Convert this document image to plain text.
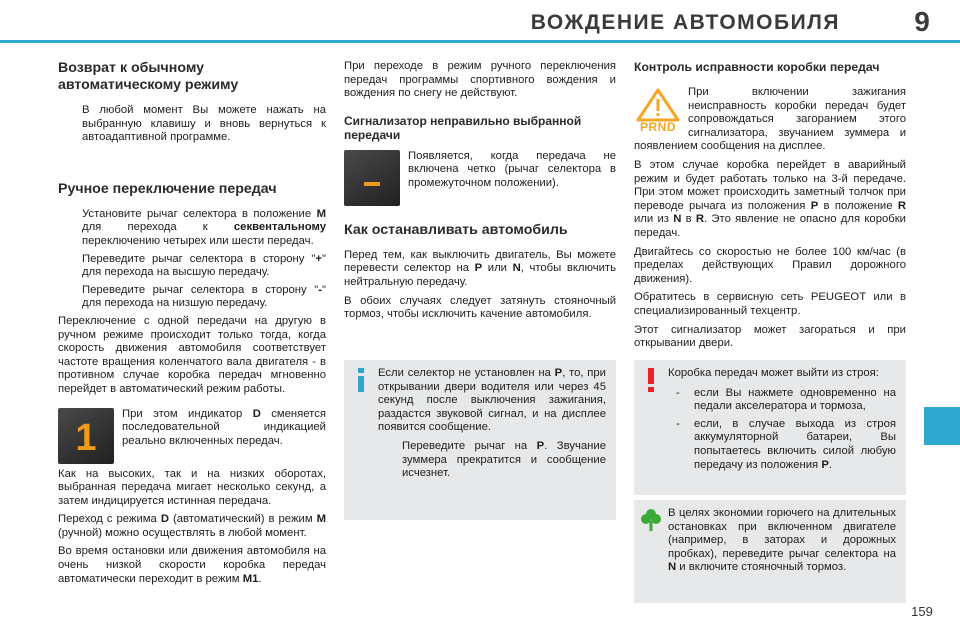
ВОЖДЕНИЕ АВТОМОБИЛЯ	9
159
Возврат к обычному автоматическому режиму
В любой момент Вы можете нажать на выбранную клавишу и вновь вернуться к автоадаптивной программе.
Ручное переключение передач
Установите рычаг селектора в положение M для перехода к секвентальному переключению четырех или шести передач.
Переведите рычаг селектора в сторону "+" для перехода на высшую передачу.
Переведите рычаг селектора в сторону "-" для перехода на низшую передачу.

Переключение с одной передачи на другую в ручном режиме происходит только тогда, когда скорость движения автомобиля соответствует частоте вращения коленчатого вала двигателя - в противном случае коробка передач мгновенно перейдет в автоматический режим работы.

1

При этом индикатор D сменяется последовательной индикацией реально включенных передач.

Как на высоких, так и на низких оборотах, выбранная передача мигает несколько секунд, а затем индицируется истинная передача.

Переход с режима D (автоматический) в режим M (ручной) можно осуществлять в любой момент.

Во время остановки или движения автомобиля на очень низкой скорости коробка передач автоматически переходит в режим M1.

При переходе в режим ручного переключения передач программы спортивного вождения и вождения по снегу не действуют.

Сигнализатор неправильно выбранной передачи

Появляется, когда передача не включена четко (рычаг селектора в промежуточном положении).

Как останавливать автомобиль

Перед тем, как выключить двигатель, Вы можете перевести селектор на P или N, чтобы включить нейтральную передачу.

В обоих случаях следует затянуть стояночный тормоз, чтобы исключить качение автомобиля.

Если селектор не установлен на P, то, при открывании двери водителя или через 45 секунд после выключения зажигания, раздастся звуковой сигнал, и на дисплее появится сообщение.

Переведите рычаг на P. Звучание зуммера прекратится и сообщение исчезнет.
Контроль исправности коробки передач
PRND

При включении зажигания неисправность коробки передач будет сопровождаться загоранием этого сигнализатора, звучанием зуммера и появлением сообщения на дисплее.

В этом случае коробка перейдет в аварийный режим и будет работать только на 3-й передаче. При этом может происходить заметный толчок при переводе рычага из положения P в положение R или из N в R. Это явление не опасно для коробки передач.

Двигайтесь со скоростью не более 100 км/час (в пределах действующих Правил дорожного движения).

Обратитесь в сервисную сеть PEUGEOT или в специализированный техцентр.

Этот сигнализатор может загораться и при открывании двери.

Коробка передач может выйти из строя:

- если Вы нажмете одновременно на педали акселератора и тормоза,
- если, в случае выхода из строя аккумуляторной батареи, Вы попытаетесь включить силой любую передачу из положения P.

В целях экономии горючего на длительных остановках при включенном двигателе (например, в заторах и дорожных пробках), переведите рычаг селектора на N и включите стояночный тормоз.
